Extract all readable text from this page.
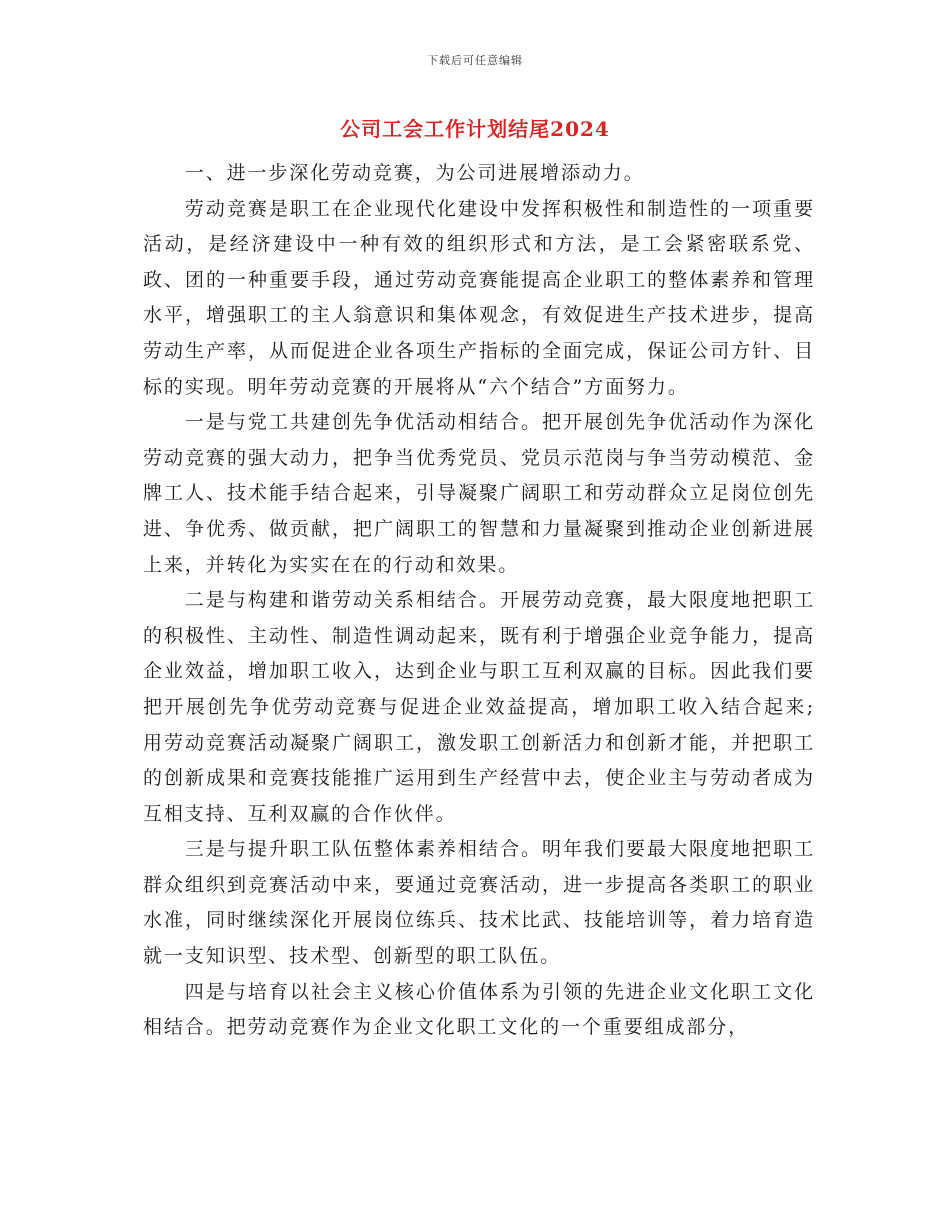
下载后可任意编辑
公司工会工作计划结尾2024

一、进一步深化劳动竞赛，为公司进展增添动力。

劳动竞赛是职工在企业现代化建设中发挥积极性和制造性的一项重要活动，是经济建设中一种有效的组织形式和方法，是工会紧密联系党、政、团的一种重要手段，通过劳动竞赛能提高企业职工的整体素养和管理水平，增强职工的主人翁意识和集体观念，有效促进生产技术进步，提高劳动生产率，从而促进企业各项生产指标的全面完成，保证公司方针、目标的实现。明年劳动竞赛的开展将从“六个结合”方面努力。

一是与党工共建创先争优活动相结合。把开展创先争优活动作为深化劳动竞赛的强大动力，把争当优秀党员、党员示范岗与争当劳动模范、金牌工人、技术能手结合起来，引导凝聚广阔职工和劳动群众立足岗位创先进、争优秀、做贡献，把广阔职工的智慧和力量凝聚到推动企业创新进展上来，并转化为实实在在的行动和效果。

二是与构建和谐劳动关系相结合。开展劳动竞赛，最大限度地把职工的积极性、主动性、制造性调动起来，既有利于增强企业竞争能力，提高企业效益，增加职工收入，达到企业与职工互利双赢的目标。因此我们要把开展创先争优劳动竞赛与促进企业效益提高，增加职工收入结合起来;用劳动竞赛活动凝聚广阔职工，激发职工创新活力和创新才能，并把职工的创新成果和竞赛技能推广运用到生产经营中去，使企业主与劳动者成为互相支持、互利双赢的合作伙伴。

三是与提升职工队伍整体素养相结合。明年我们要最大限度地把职工群众组织到竞赛活动中来，要通过竞赛活动，进一步提高各类职工的职业水准，同时继续深化开展岗位练兵、技术比武、技能培训等，着力培育造就一支知识型、技术型、创新型的职工队伍。

四是与培育以社会主义核心价值体系为引领的先进企业文化职工文化相结合。把劳动竞赛作为企业文化职工文化的一个重要组成部分，
